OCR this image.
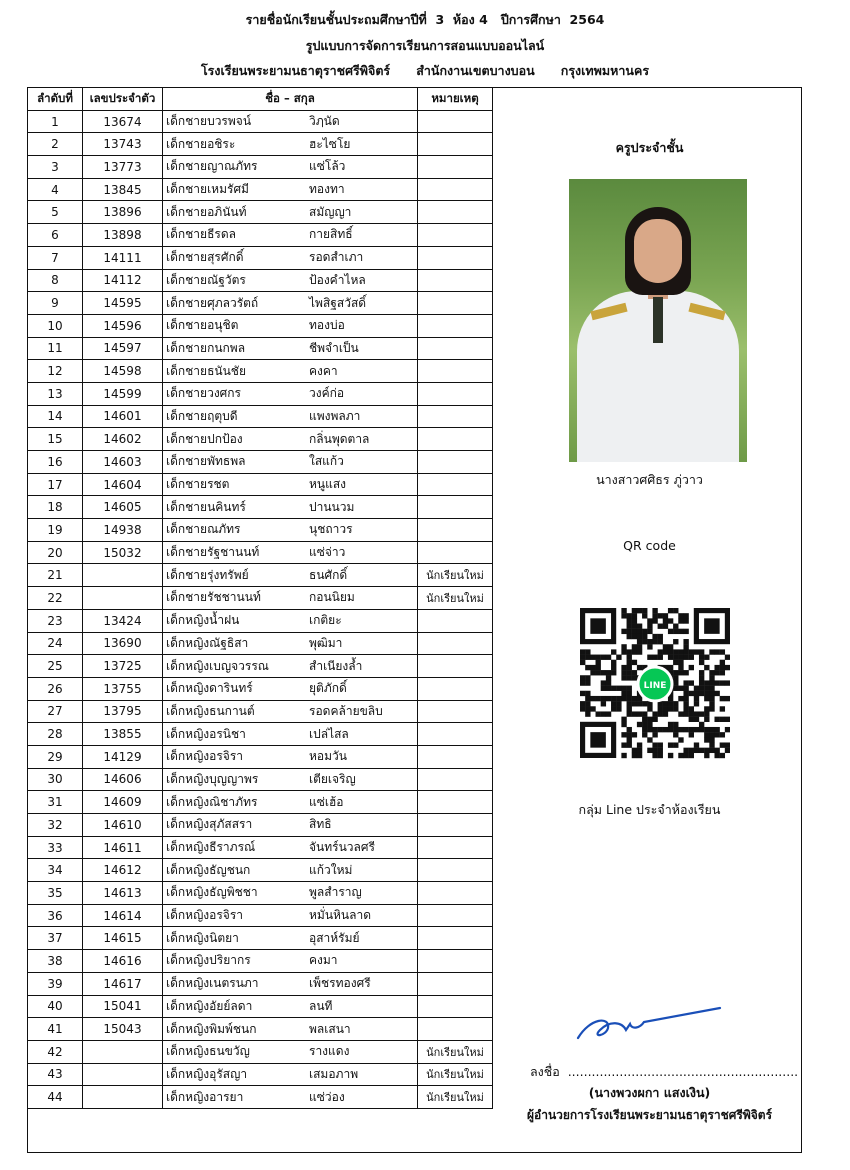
รายชื่อนักเรียนชั้นประถมศึกษาปีที่  3  ห้อง 4   ปีการศึกษา  2564
รูปแบบการจัดการเรียนการสอนแบบออนไลน์
โรงเรียนพระยามนธาตุราชศรีพิจิตร์      สำนักงานเขตบางบอน      กรุงเทพมหานคร
ลำดับที่	เลขประจำตัว	ชื่อ – สกุล	หมายเหตุ
1	13674	เด็กชายบวรพจน์ วิฦนัด	
2	13743	เด็กชายอชิระ ฮะไซโย	
3	13773	เด็กชายญาณภัทร แซ่โล้ว	
4	13845	เด็กชายเหมรัศมี ทองทา	
5	13896	เด็กชายอภินันท์ สมัญญา	
6	13898	เด็กชายธีรดล กายสิทธิ์	
7	14111	เด็กชายสุรศักดิ์ รอดสำเภา	
8	14112	เด็กชายณัฐวัตร ป้องคำไหล	
9	14595	เด็กชายศุภลวรัตถ์ ไพสิฐสวัสดิ์	
10	14596	เด็กชายอนุชิต ทองบ่อ	
11	14597	เด็กชายกนกพล ชีพจำเป็น	
12	14598	เด็กชายธนันชัย คงคา	
13	14599	เด็กชายวงศกร วงค์ก่อ	
14	14601	เด็กชายฤตุบดี แพงพลภา	
15	14602	เด็กชายปกป้อง กลิ่นพุดตาล	
16	14603	เด็กชายพัทธพล ใสแก้ว	
17	14604	เด็กชายรชต หนูแสง	
18	14605	เด็กชายนคินทร์ ปานนวม	
19	14938	เด็กชายณภัทร นุชถาวร	
20	15032	เด็กชายรัฐชานนท์ แซ่จ่าว	
21		เด็กชายรุ่งทรัพย์ ธนศักดิ์	นักเรียนใหม่
22		เด็กชายรัชชานนท์ กอนนิยม	นักเรียนใหม่
23	13424	เด็กหญิงน้ำฝน เกติยะ	
24	13690	เด็กหญิงณัฐธิสา พุฒิมา	
25	13725	เด็กหญิงเบญจวรรณ สำเนียงล้ำ	
26	13755	เด็กหญิงดารินทร์ ยุติภักดิ์	
27	13795	เด็กหญิงธนกานต์ รอดคล้ายขลิบ	
28	13855	เด็กหญิงอรนิชา เปล่ไสล	
29	14129	เด็กหญิงอรจิรา หอมวัน	
30	14606	เด็กหญิงบุญญาพร เตียเจริญ	
31	14609	เด็กหญิงณิชาภัทร แซ่เฮ้อ	
32	14610	เด็กหญิงสุภัสสรา สิทธิ	
33	14611	เด็กหญิงธีราภรณ์ จันทร์นวลศรี	
34	14612	เด็กหญิงธัญชนก แก้วใหม่	
35	14613	เด็กหญิงธัญพิชชา พูลสำราญ	
36	14614	เด็กหญิงอรจิรา หมั่นหินลาด	
37	14615	เด็กหญิงนิตยา อุสาห์รัมย์	
38	14616	เด็กหญิงปริยากร คงมา	
39	14617	เด็กหญิงเนตรนภา เพ็ชรทองศรี	
40	15041	เด็กหญิงอัยย์ลดา ลนที	
41	15043	เด็กหญิงพิมพ์ชนก พลเสนา	
42		เด็กหญิงธนขวัญ รางแดง	นักเรียนใหม่
43		เด็กหญิงอุรัสญา เสมอภาพ	นักเรียนใหม่
44		เด็กหญิงอารยา แซ่ว่อง	นักเรียนใหม่
ครูประจำชั้น
นางสาวศศิธร ภู่วาว
QR code
LINE
กลุ่ม Line ประจำห้องเรียน
ลงชื่อ  ..........................................................
(นางพวงผกา แสงเงิน)
ผู้อำนวยการโรงเรียนพระยามนธาตุราชศรีพิจิตร์
